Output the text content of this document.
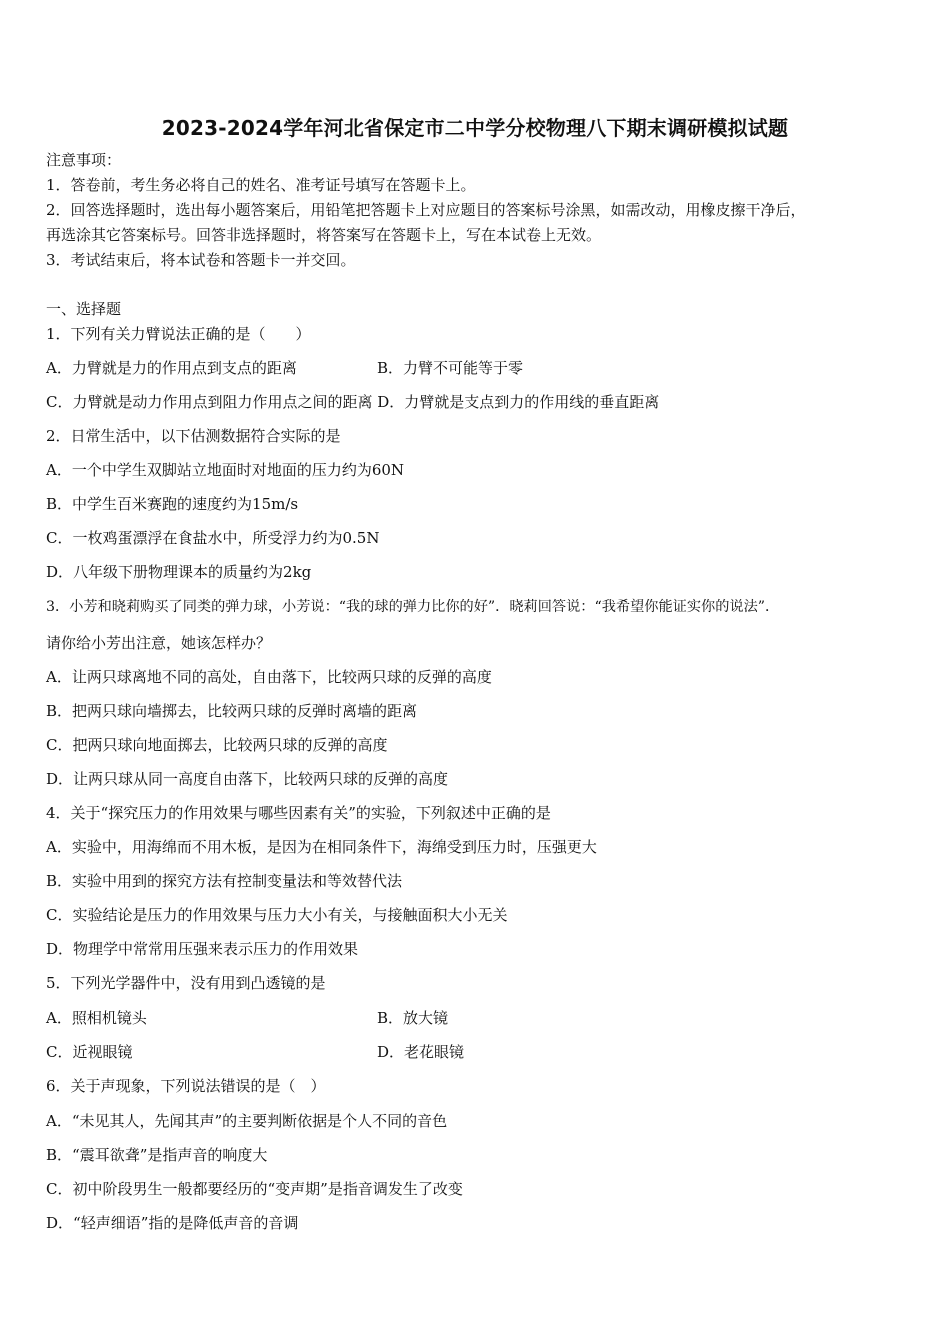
2023-2024学年河北省保定市二中学分校物理八下期末调研模拟试题
注意事项：
1．答卷前，考生务必将自己的姓名、准考证号填写在答题卡上。
2．回答选择题时，选出每小题答案后，用铅笔把答题卡上对应题目的答案标号涂黑，如需改动，用橡皮擦干净后，
再选涂其它答案标号。回答非选择题时，将答案写在答题卡上，写在本试卷上无效。
3．考试结束后，将本试卷和答题卡一并交回。
一、选择题
1．下列有关力臂说法正确的是（　　）
A．力臂就是力的作用点到支点的距离	B．力臂不可能等于零
C．力臂就是动力作用点到阻力作用点之间的距离 D．力臂就是支点到力的作用线的垂直距离
2．日常生活中，以下估测数据符合实际的是
A．一个中学生双脚站立地面时对地面的压力约为60N
B．中学生百米赛跑的速度约为15m/s
C．一枚鸡蛋漂浮在食盐水中，所受浮力约为0.5N
D．八年级下册物理课本的质量约为2kg
3．小芳和晓莉购买了同类的弹力球，小芳说：“我的球的弹力比你的好”．晓莉回答说：“我希望你能证实你的说法”．
请你给小芳出注意，她该怎样办？
A．让两只球离地不同的高处，自由落下，比较两只球的反弹的高度
B．把两只球向墙掷去，比较两只球的反弹时离墙的距离
C．把两只球向地面掷去，比较两只球的反弹的高度
D．让两只球从同一高度自由落下，比较两只球的反弹的高度
4．关于“探究压力的作用效果与哪些因素有关”的实验，下列叙述中正确的是
A．实验中，用海绵而不用木板，是因为在相同条件下，海绵受到压力时，压强更大
B．实验中用到的探究方法有控制变量法和等效替代法
C．实验结论是压力的作用效果与压力大小有关，与接触面积大小无关
D．物理学中常常用压强来表示压力的作用效果
5．下列光学器件中，没有用到凸透镜的是
A．照相机镜头	B．放大镜
C．近视眼镜	D．老花眼镜
6．关于声现象，下列说法错误的是（　）
A．“未见其人，先闻其声”的主要判断依据是个人不同的音色
B．“震耳欲聋”是指声音的响度大
C．初中阶段男生一般都要经历的“变声期”是指音调发生了改变
D．“轻声细语”指的是降低声音的音调
